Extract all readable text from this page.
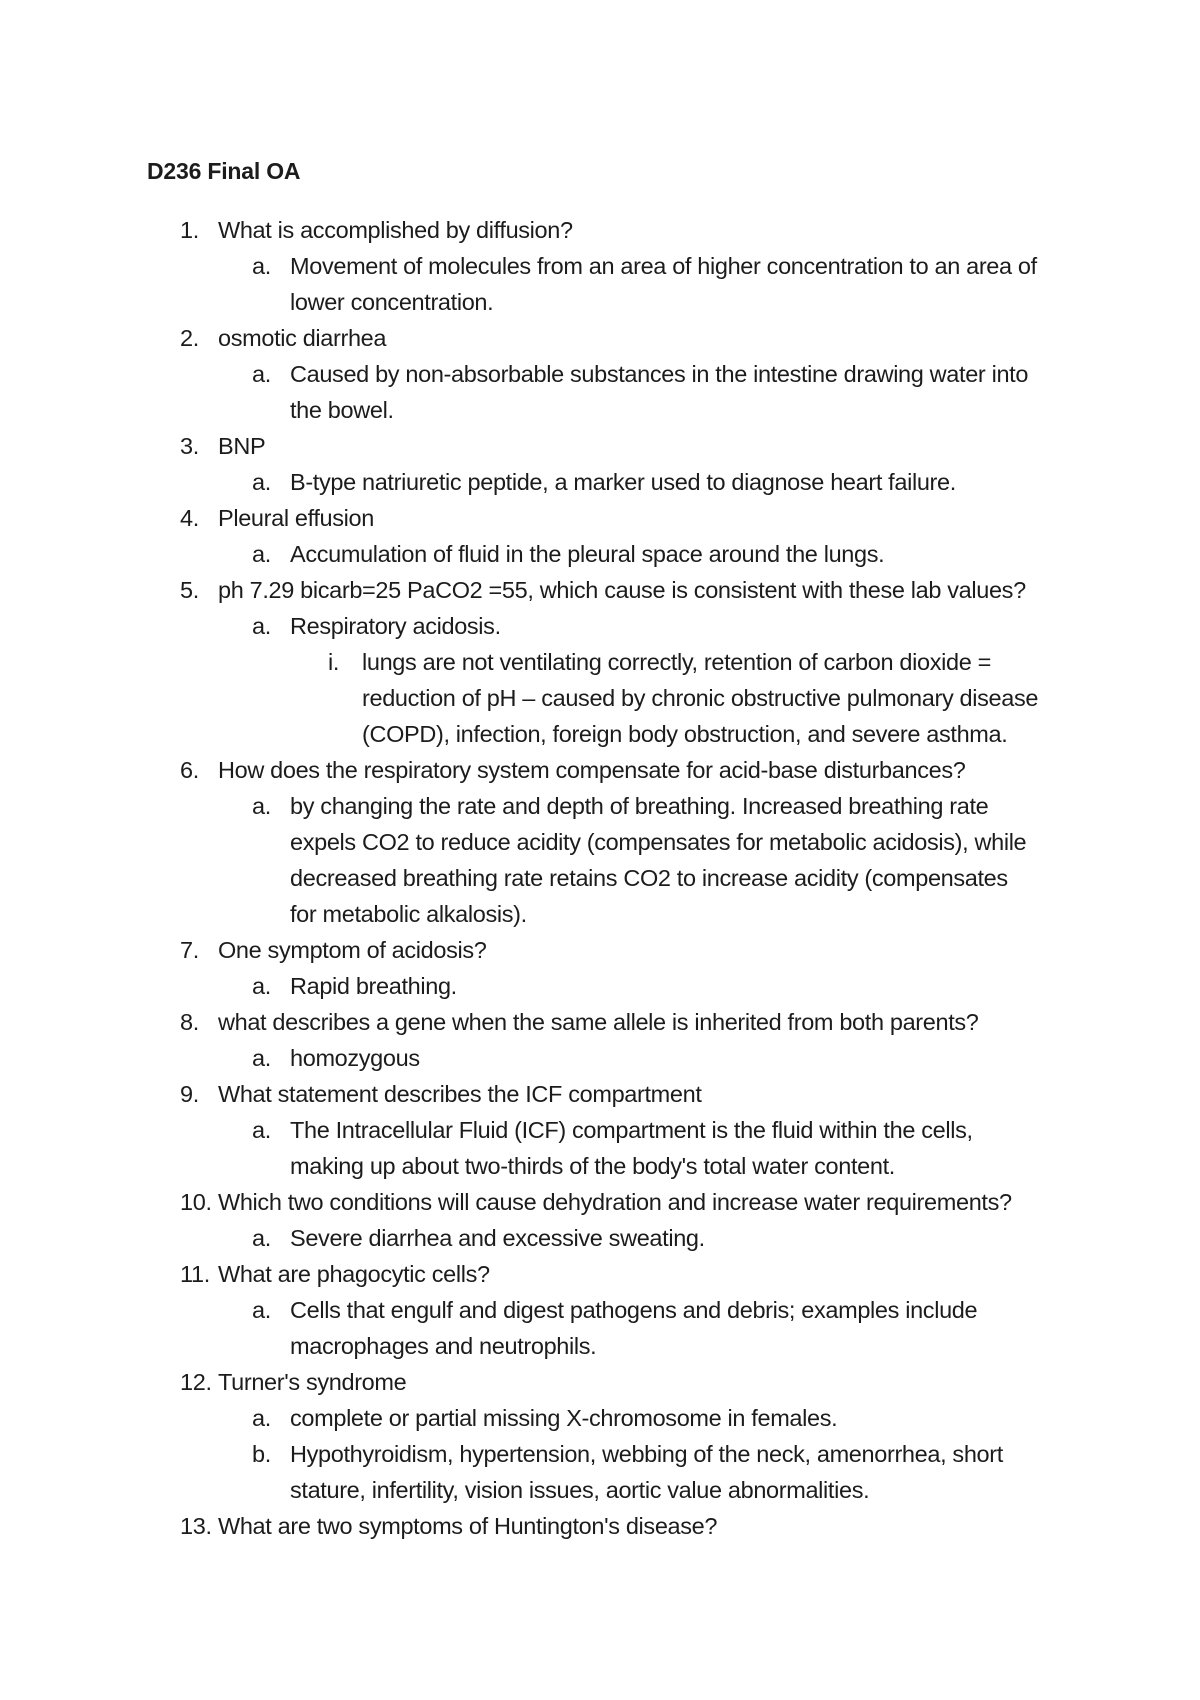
D236 Final OA
1. What is accomplished by diffusion?
a. Movement of molecules from an area of higher concentration to an area of
lower concentration.
2. osmotic diarrhea
a. Caused by non-absorbable substances in the intestine drawing water into
the bowel.
3. BNP
a. B-type natriuretic peptide, a marker used to diagnose heart failure.
4. Pleural effusion
a. Accumulation of fluid in the pleural space around the lungs.
5. ph 7.29 bicarb=25 PaCO2 =55, which cause is consistent with these lab values?
a. Respiratory acidosis.
i. lungs are not ventilating correctly, retention of carbon dioxide =
reduction of pH – caused by chronic obstructive pulmonary disease
(COPD), infection, foreign body obstruction, and severe asthma.
6. How does the respiratory system compensate for acid-base disturbances?
a. by changing the rate and depth of breathing. Increased breathing rate
expels CO2 to reduce acidity (compensates for metabolic acidosis), while
decreased breathing rate retains CO2 to increase acidity (compensates
for metabolic alkalosis).
7. One symptom of acidosis?
a. Rapid breathing.
8. what describes a gene when the same allele is inherited from both parents?
a. homozygous
9. What statement describes the ICF compartment
a. The Intracellular Fluid (ICF) compartment is the fluid within the cells,
making up about two-thirds of the body's total water content.
10. Which two conditions will cause dehydration and increase water requirements?
a. Severe diarrhea and excessive sweating.
11. What are phagocytic cells?
a. Cells that engulf and digest pathogens and debris; examples include
macrophages and neutrophils.
12. Turner's syndrome
a. complete or partial missing X-chromosome in females.
b. Hypothyroidism, hypertension, webbing of the neck, amenorrhea, short
stature, infertility, vision issues, aortic value abnormalities.
13. What are two symptoms of Huntington's disease?
